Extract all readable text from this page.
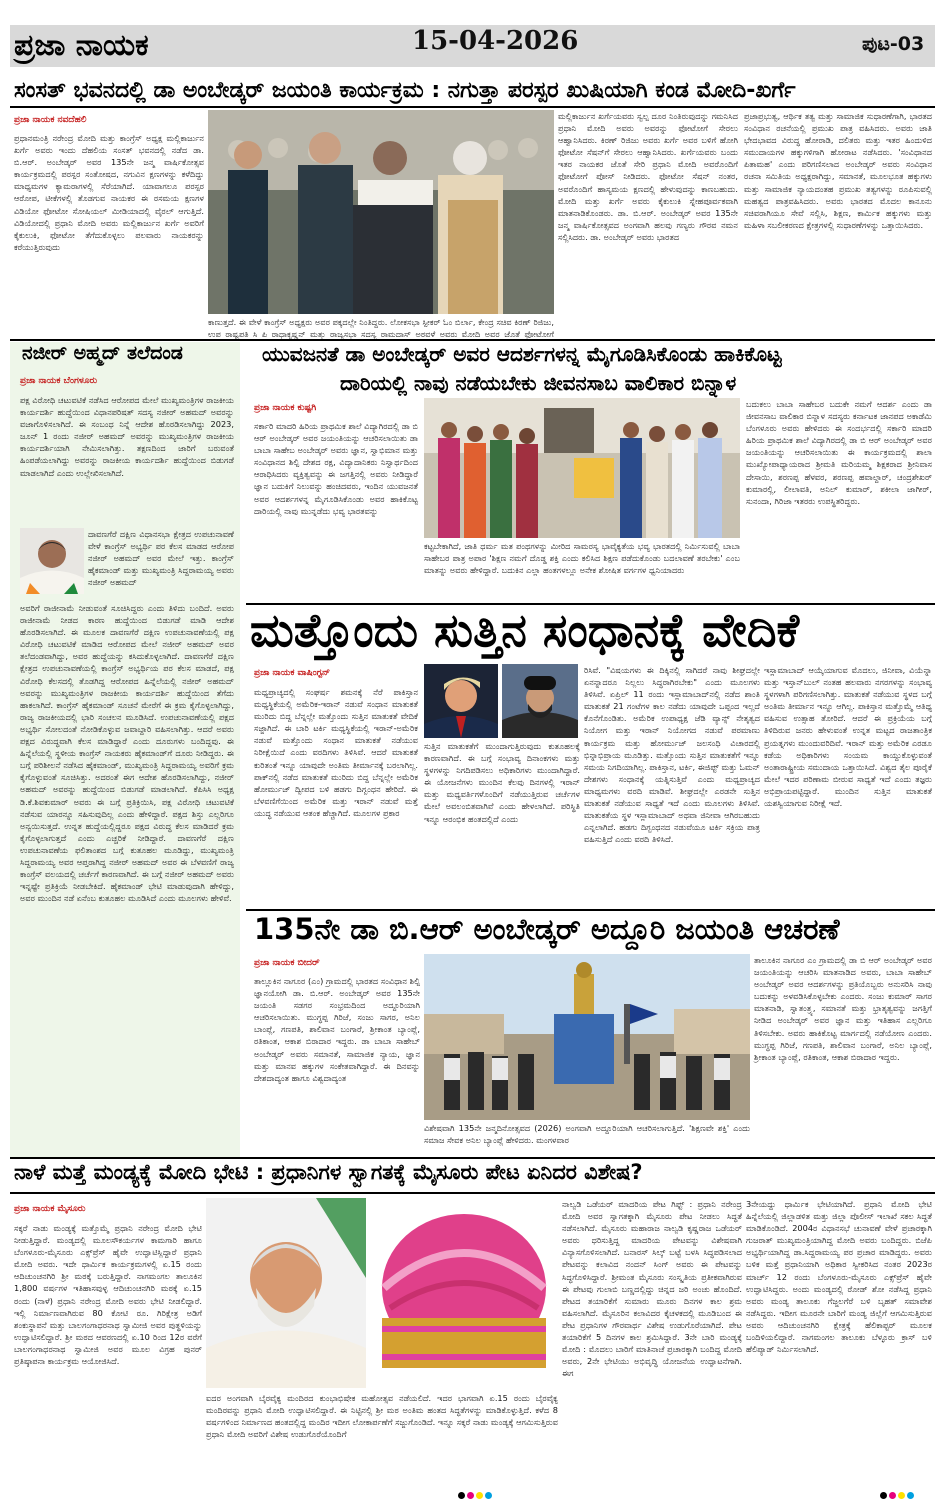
ಪ್ರಜಾ ನಾಯಕ	15-04-2026	ಪುಟ-03
ಸಂಸತ್ ಭವನದಲ್ಲಿ ಡಾ ಅಂಬೇಡ್ಕರ್ ಜಯಂತಿ ಕಾರ್ಯಕ್ರಮ : ನಗುತ್ತಾ ಪರಸ್ಪರ ಖುಷಿಯಾಗಿ ಕಂಡ ಮೋದಿ-ಖರ್ಗೆ
ಪ್ರಜಾ ನಾಯಕ ನವದೆಹಲಿ
ಪ್ರಧಾನಮಂತ್ರಿ ನರೇಂದ್ರ ಮೋದಿ ಮತ್ತು ಕಾಂಗ್ರೆಸ್ ಅಧ್ಯಕ್ಷ ಮಲ್ಲಿಕಾರ್ಜುನ ಖರ್ಗೆ ಅವರು ಇಂದು ದೆಹಲಿಯ ಸಂಸತ್ ಭವನದಲ್ಲಿ ನಡೆದ ಡಾ. ಬಿ.ಆರ್. ಅಂಬೇಡ್ಕರ್ ಅವರ 135ನೇ ಜನ್ಮ ವಾರ್ಷಿಕೋತ್ಸವ ಕಾರ್ಯಕ್ರಮದಲ್ಲಿ ಪರಸ್ಪರ ಸಂತೋಷದ, ನಗುವಿನ ಕ್ಷಣಗಳನ್ನು ಕಳೆದಿದ್ದು ಮಾಧ್ಯಮಗಳ ಕ್ಯಾಮರಾಗಳಲ್ಲಿ ಸೆರೆಯಾಗಿದೆ. ಯಾವಾಗಲೂ ಪರಸ್ಪರ ಆರೋಪ, ಟೀಕೆಗಳಲ್ಲಿ ತೊಡಗುವ ನಾಯಕರ ಈ ರಸಮಯ ಕ್ಷಣಗಳ ವಿಡಿಯೋ ಫೋಟೋ ಸೋಷಿಯಲ್ ಮೀಡಿಯಾದಲ್ಲಿ ವೈರಲ್ ಆಗುತ್ತಿದೆ. ವಿಡಿಯೋದಲ್ಲಿ ಪ್ರಧಾನಿ ಮೋದಿ ಅವರು ಮಲ್ಲಿಕಾರ್ಜುನ ಖರ್ಗೆ ಅವರಿಗೆ ಕೈಕುಲುಕಿ, ಫೋಟೋ ತೆಗೆದುಕೊಳ್ಳಲು ಪಲವಾರು ನಾಯಕರನ್ನು ಕರೆಯುತ್ತಿರುವುದು
ಕಾಣುತ್ತದೆ. ಈ ವೇಳೆ ಕಾಂಗ್ರೆಸ್ ಅಧ್ಯಕ್ಷರು ಅವರ ಪಕ್ಕದಲ್ಲೇ ನಿಂತಿದ್ದರು. ಲೋಕಸಭಾ ಸ್ಪೀಕರ್ ಓಂ ಬಿರ್ಲಾ, ಕೇಂದ್ರ ಸಚಿವ ಕಿರಣ್ ರಿಜಿಜು, ಉಪ ರಾಷ್ಟ್ರಪತಿ ಸಿ ಪಿ ರಾಧಾಕೃಷ್ಣನ್ ಮತ್ತು ರಾಜ್ಯಸಭಾ ಸದಸ್ಯ ರಾಮದಾಸ್ ಅಠವಳೆ ಅವರು ಮೋದಿ ಅವರ ಜೊತೆ ಫೋಟೋಗೆ
ಮಲ್ಲಿಕಾರ್ಜುನ ಖರ್ಗೆಯವರು ಸ್ವಲ್ಪ ದೂರ ನಿಂತಿರುವುದನ್ನು ಗಮನಿಸಿದ ಪ್ರಧಾನಿ ಮೋದಿ ಅವರು ಅವರನ್ನು ಫೋಟೋಗೆ ಸೇರಲು ಆಹ್ವಾನಿಸಿದರು. ಕಿರಣ್ ರಿಜಿಜು ಅವರು ಖರ್ಗೆ ಅವರ ಬಳಿಗೆ ಹೋಗಿ ಫೋಟೋ ಸೆಷನ್‌ಗೆ ಸೇರಲು ಆಹ್ವಾನಿಸಿದರು. ಖರ್ಗೆಯವರು ಬಂದು ಇತರ ನಾಯಕರ ಜೊತೆ ಸೇರಿ ಪ್ರಧಾನಿ ಮೋದಿ ಅವರೊಂದಿಗೆ ಫೋಟೋಗೆ ಪೋಸ್ ನೀಡಿದರು. ಫೋಟೋ ಸೆಷನ್ ನಂತರ, ಅವರೊಂದಿಗೆ ಹಾಸ್ಯಮಯ ಕ್ಷಣದಲ್ಲಿ ಹೇಳುವುದನ್ನು ಕಾಣಬಹುದು. ಮೋದಿ ಮತ್ತು ಖರ್ಗೆ ಅವರು ಕೈಕುಲುಕಿ ಸ್ನೇಹಪೂರ್ವಕವಾಗಿ ಮಾತನಾಡಿಕೊಂಡರು. ಡಾ. ಬಿ.ಆರ್. ಅಂಬೇಡ್ಕರ್ ಅವರ 135ನೇ ಜನ್ಮ ವಾರ್ಷಿಕೋತ್ಸವದ ಅಂಗವಾಗಿ ಹಲವು ಗಣ್ಯರು ಗೌರವ ನಮನ ಸಲ್ಲಿಸಿದರು. ಡಾ. ಅಂಬೇಡ್ಕರ್ ಅವರು ಭಾರತದ
ಪ್ರಜಾಪ್ರಭುತ್ವ, ಆರ್ಥಿಕ ತತ್ವ ಮತ್ತು ಸಾಮಾಜಿಕ ಸುಧಾರಣೆಗಾಗಿ, ಭಾರತದ ಸಂವಿಧಾನ ರಚನೆಯಲ್ಲಿ ಪ್ರಮುಖ ಪಾತ್ರ ವಹಿಸಿದರು. ಅವರು ಜಾತಿ ಭೇದಭಾವದ ವಿರುದ್ಧ ಹೋರಾಡಿ, ದಲಿತರು ಮತ್ತು ಇತರ ಹಿಂದುಳಿದ ಸಮುದಾಯಗಳ ಹಕ್ಕುಗಳಿಗಾಗಿ ಹೋರಾಟ ನಡೆಸಿದರು. 'ಸಂವಿಧಾನದ ಪಿತಾಮಹ' ಎಂದು ಪರಿಗಣಿಸಲಾದ ಅಂಬೇಡ್ಕರ್ ಅವರು ಸಂವಿಧಾನ ರಚನಾ ಸಮಿತಿಯ ಅಧ್ಯಕ್ಷರಾಗಿದ್ದು, ಸಮಾನತೆ, ಮೂಲಭೂತ ಹಕ್ಕುಗಳು ಮತ್ತು ಸಾಮಾಜಿಕ ನ್ಯಾಯದಂತಹ ಪ್ರಮುಖ ತತ್ವಗಳನ್ನು ರೂಪಿಸುವಲ್ಲಿ ಮಹತ್ವದ ಪಾತ್ರವಹಿಸಿದರು. ಅವರು ಭಾರತದ ಮೊದಲ ಕಾನೂನು ಸಚಿವರಾಗಿಯೂ ಸೇವೆ ಸಲ್ಲಿಸಿ, ಶಿಕ್ಷಣ, ಕಾರ್ಮಿಕ ಹಕ್ಕುಗಳು ಮತ್ತು ಮಹಿಳಾ ಸಬಲೀಕರಣದ ಕ್ಷೇತ್ರಗಳಲ್ಲಿ ಸುಧಾರಣೆಗಳನ್ನು ಒತ್ತಾಯಿಸಿದರು.
ನಜೀರ್ ಅಹ್ಮದ್ ತಲೆದಂಡ
ಪ್ರಜಾ ನಾಯಕ ಬೆಂಗಳೂರು
ಪಕ್ಷ ವಿರೋಧಿ ಚಟುವಟಿಕೆ ನಡೆಸಿದ ಆರೋಪದ ಮೇಲೆ ಮುಖ್ಯಮಂತ್ರಿಗಳ ರಾಜಕೀಯ ಕಾರ್ಯದರ್ಶಿ ಹುದ್ದೆಯಿಂದ ವಿಧಾನಪರಿಷತ್ ಸದಸ್ಯ ನಜೀರ್ ಅಹಮದ್ ಅವರನ್ನು ವಜಾಗೊಳಿಸಲಾಗಿದೆ. ಈ ಸಂಬಂಧ ನಿನ್ನೆ ಆದೇಶ ಹೊರಡಿಸಲಾಗಿದ್ದು 2023, ಜೂನ್ 1 ರಂದು ನಜೀರ್ ಅಹಮದ್ ಅವರನ್ನು ಮುಖ್ಯಮಂತ್ರಿಗಳ ರಾಜಕೀಯ ಕಾರ್ಯದರ್ಶಿಯಾಗಿ ನೇಮಿಸಲಾಗಿತ್ತು. ತಕ್ಷಣದಿಂದ ಜಾರಿಗೆ ಬರುವಂತೆ ಹಿಂಪಡೆಯಲಾಗಿದ್ದು ಅವರನ್ನು ರಾಜಕೀಯ ಕಾರ್ಯದರ್ಶಿ ಹುದ್ದೆಯಿಂದ ಬಿಡುಗಡೆ ಮಾಡಲಾಗಿದೆ ಎಂದು ಉಲ್ಲೇಖಿಸಲಾಗಿದೆ.
ದಾವಣಗೆರೆ ದಕ್ಷಿಣ ವಿಧಾನಸಭಾ ಕ್ಷೇತ್ರದ ಉಪಚುನಾವಣೆ ವೇಳೆ ಕಾಂಗ್ರೆಸ್ ಅಭ್ಯರ್ಥಿ ಪರ ಕೆಲಸ ಮಾಡದ ಆರೋಪ ನಜೀರ್ ಅಹಮದ್ ಅವರ ಮೇಲೆ ಇತ್ತು. ಕಾಂಗ್ರೆಸ್ ಹೈಕಮಾಂಡ್ ಮತ್ತು ಮುಖ್ಯಮಂತ್ರಿ ಸಿದ್ದರಾಮಯ್ಯ ಅವರು ನಜೀರ್ ಅಹಮದ್
ಅವರಿಗೆ ರಾಜೀನಾಮೆ ನೀಡುವಂತೆ ಸೂಚಿಸಿದ್ದರು ಎಂದು ತಿಳಿದು ಬಂದಿದೆ. ಅವರು ರಾಜೀನಾಮೆ ನೀಡದ ಕಾರಣ ಹುದ್ದೆಯಿಂದ ಬಿಡುಗಡೆ ಮಾಡಿ ಆದೇಶ ಹೊರಡಿಸಲಾಗಿದೆ. ಈ ಮೂಲಕ ದಾವಣಗೆರೆ ದಕ್ಷಿಣ ಉಪಚುನಾವಣೆಯಲ್ಲಿ ಪಕ್ಷ ವಿರೋಧಿ ಚಟುವಟಿಕೆ ಮಾಡಿದ ಆರೋಪದ ಮೇಲೆ ನಜೀರ್ ಅಹಮದ್ ಅವರ ತಲೆದಂಡವಾಗಿದ್ದು, ಅವರ ಹುದ್ದೆಯನ್ನು ಕಸಿದುಕೊಳ್ಳಲಾಗಿದೆ. ದಾವಣಗೆರೆ ದಕ್ಷಿಣ ಕ್ಷೇತ್ರದ ಉಪಚುನಾವಣೆಯಲ್ಲಿ ಕಾಂಗ್ರೆಸ್ ಅಭ್ಯರ್ಥಿಯ ಪರ ಕೆಲಸ ಮಾಡದೆ, ಪಕ್ಷ ವಿರೋಧಿ ಕೆಲಸದಲ್ಲಿ ತೊಡಗಿದ್ದ ಆರೋಪದ ಹಿನ್ನೆಲೆಯಲ್ಲಿ ನಜೀರ್ ಅಹಮದ್ ಅವರನ್ನು ಮುಖ್ಯಮಂತ್ರಿಗಳ ರಾಜಕೀಯ ಕಾರ್ಯದರ್ಶಿ ಹುದ್ದೆಯಿಂದ ತೆಗೆದು ಹಾಕಲಾಗಿದೆ. ಕಾಂಗ್ರೆಸ್ ಹೈಕಮಾಂಡ್ ಸೂಚನೆ ಮೇರೆಗೆ ಈ ಕ್ರಮ ಕೈಗೊಳ್ಳಲಾಗಿದ್ದು, ರಾಜ್ಯ ರಾಜಕೀಯದಲ್ಲಿ ಭಾರಿ ಸಂಚಲನ ಮೂಡಿಸಿದೆ. ಉಪಚುನಾವಣೆಯಲ್ಲಿ ಪಕ್ಷದ ಅಭ್ಯರ್ಥಿ ಸೋಲದಂತೆ ನೋಡಿಕೊಳ್ಳುವ ಜವಾಬ್ದಾರಿ ವಹಿಸಲಾಗಿತ್ತು. ಆದರೆ ಅವರು ಪಕ್ಷದ ವಿರುದ್ಧವಾಗಿ ಕೆಲಸ ಮಾಡಿದ್ದಾರೆ ಎಂದು ದೂರುಗಳು ಬಂದಿದ್ದವು. ಈ ಹಿನ್ನೆಲೆಯಲ್ಲಿ ಸ್ಥಳೀಯ ಕಾಂಗ್ರೆಸ್ ನಾಯಕರು ಹೈಕಮಾಂಡ್‌ಗೆ ದೂರು ನೀಡಿದ್ದರು. ಈ ಬಗ್ಗೆ ಪರಿಶೀಲನೆ ನಡೆಸಿದ ಹೈಕಮಾಂಡ್, ಮುಖ್ಯಮಂತ್ರಿ ಸಿದ್ದರಾಮಯ್ಯ ಅವರಿಗೆ ಕ್ರಮ ಕೈಗೊಳ್ಳುವಂತೆ ಸೂಚಿಸಿತ್ತು. ಅದರಂತೆ ಈಗ ಆದೇಶ ಹೊರಡಿಸಲಾಗಿದ್ದು, ನಜೀರ್ ಅಹಮದ್ ಅವರನ್ನು ಹುದ್ದೆಯಿಂದ ಬಿಡುಗಡೆ ಮಾಡಲಾಗಿದೆ. ಕೆಪಿಸಿಸಿ ಅಧ್ಯಕ್ಷ ಡಿ.ಕೆ.ಶಿವಕುಮಾರ್ ಅವರು ಈ ಬಗ್ಗೆ ಪ್ರತಿಕ್ರಿಯಿಸಿ, ಪಕ್ಷ ವಿರೋಧಿ ಚಟುವಟಿಕೆ ನಡೆಸುವ ಯಾರನ್ನೂ ಸಹಿಸುವುದಿಲ್ಲ ಎಂದು ಹೇಳಿದ್ದಾರೆ. ಪಕ್ಷದ ಶಿಸ್ತು ಎಲ್ಲರಿಗೂ ಅನ್ವಯಿಸುತ್ತದೆ. ಉನ್ನತ ಹುದ್ದೆಯಲ್ಲಿದ್ದರೂ ಪಕ್ಷದ ವಿರುದ್ಧ ಕೆಲಸ ಮಾಡಿದರೆ ಕ್ರಮ ಕೈಗೊಳ್ಳಲಾಗುತ್ತದೆ ಎಂದು ಎಚ್ಚರಿಕೆ ನೀಡಿದ್ದಾರೆ. ದಾವಣಗೆರೆ ದಕ್ಷಿಣ ಉಪಚುನಾವಣೆಯ ಫಲಿತಾಂಶದ ಬಗ್ಗೆ ಕುತೂಹಲ ಮೂಡಿದ್ದು, ಮುಖ್ಯಮಂತ್ರಿ ಸಿದ್ದರಾಮಯ್ಯ ಅವರ ಆಪ್ತರಾಗಿದ್ದ ನಜೀರ್ ಅಹಮದ್ ಅವರ ಈ ಬೆಳವಣಿಗೆ ರಾಜ್ಯ ಕಾಂಗ್ರೆಸ್ ವಲಯದಲ್ಲಿ ಚರ್ಚೆಗೆ ಕಾರಣವಾಗಿದೆ. ಈ ಬಗ್ಗೆ ನಜೀರ್ ಅಹಮದ್ ಅವರು ಇನ್ನಷ್ಟೇ ಪ್ರತಿಕ್ರಿಯೆ ನೀಡಬೇಕಿದೆ. ಹೈಕಮಾಂಡ್ ಭೇಟಿ ಮಾಡುವುದಾಗಿ ಹೇಳಿದ್ದು, ಅವರ ಮುಂದಿನ ನಡೆ ಏನೆಂಬ ಕುತೂಹಲ ಮೂಡಿಸಿದೆ ಎಂದು ಮೂಲಗಳು ಹೇಳಿವೆ.
ಯುವಜನತೆ ಡಾ ಅಂಬೇಡ್ಕರ್ ಅವರ ಆದರ್ಶಗಳನ್ನ ಮೈಗೂಡಿಸಿಕೊಂಡು ಹಾಕಿಕೊಟ್ಟ
ದಾರಿಯಲ್ಲಿ ನಾವು ನಡೆಯಬೇಕು ಜೀವನಸಾಬ ವಾಲಿಕಾರ ಬಿನ್ನಾಳ
ಪ್ರಜಾ ನಾಯಕ ಕುಷ್ಟಗಿ
ಸರ್ಕಾರಿ ಮಾದರಿ ಹಿರಿಯ ಪ್ರಾಥಮಿಕ ಶಾಲೆ ವಿದ್ಯಾಗಿರದಲ್ಲಿ ಡಾ ಬಿ ಆರ್ ಅಂಬೇಡ್ಕರ್ ಅವರ ಜಯಂತಿಯನ್ನು ಆಚರಿಸಲಾಯಿತು ಡಾ ಬಾಬಾ ಸಾಹೇಬ ಅಂಬೇಡ್ಕರ್ ಅವರು ಜ್ಞಾನ, ಸ್ವಾಭಿಮಾನ ಮತ್ತು ಸಂವಿಧಾನದ ಶಿಲ್ಪಿ ದೇಶದ ರಕ್ಷ, ವಿದ್ಯಾದಾನಿಕರು ನಿಸ್ವಾರ್ಥದಿಂದ ಆರಾಧಿಸಿದರು ವ್ಯಕ್ತಿತ್ವವನ್ನು ಈ ಜಗತ್ತಿನಲ್ಲಿ ಅವರು ನೀಡಿದ್ದಾರೆ ಜ್ಞಾನ ಬದುಕಿಗೆ ನಿಲುವನ್ನು ಹಂಚಿದವರು, ಇಂದಿನ ಯುವಜನತೆ ಅವರ ಆದರ್ಶಗಳನ್ನ ಮೈಗೂಡಿಸಿಕೊಂಡು ಅವರ ಹಾಕಿಕೊಟ್ಟ ದಾರಿಯಲ್ಲಿ ನಾವು ಮುನ್ನಡೆದು ಭವ್ಯ ಭಾರತವನ್ನು
ಕಟ್ಟಬೇಕಾಗಿದೆ, ಜಾತಿ ಧರ್ಮ ಮತ ಪಂಥಗಳನ್ನು ಮೀರಿದ ಸಾಮರಸ್ಯ ಭಾವೈಕ್ಯತೆಯ ಭವ್ಯ ಭಾರತದಲ್ಲಿ ನಿರ್ಮಿಸುವಲ್ಲಿ ಬಾಬಾ ಸಾಹೇಬರ ಪಾತ್ರ ಅಪಾರ 'ಶಿಕ್ಷಣ ನಮಗೆ ದೊಡ್ಡ ಶಕ್ತಿ ಎಂದು ಕಲಿಸಿದ ಶಿಕ್ಷಣ ಪಡೆದುಕೊಂಡು ಬದಲಾವಣೆ ತರಬೇಕು' ಎಂಬ ಮಾತನ್ನು ಅವರು ಹೇಳಿದ್ದಾರೆ. ಬದುಕಿನ ಎಲ್ಲಾ ಹಂತಗಳಲ್ಲೂ ಅನೇಕ ಶೋಷಿತ ವರ್ಗಗಳ ಧ್ವನಿಯಾದರು
ಬದುಕಲು ಬಾಬಾ ಸಾಹೇಬರ ಬದುಕೇ ನಮಗೆ ಆದರ್ಶ ಎಂದು ಡಾ ಜೀವನಸಾಬ ವಾಲಿಕಾರ ಬಿನ್ನಾಳ ಸದಸ್ಯರು ಕರ್ನಾಟಕ ಜಾನಪದ ಅಕಾಡೆಮಿ ಬೆಂಗಳೂರು ಅವರು ಹೇಳಿದರು ಈ ಸಂದರ್ಭದಲ್ಲಿ ಸರ್ಕಾರಿ ಮಾದರಿ ಹಿರಿಯ ಪ್ರಾಥಮಿಕ ಶಾಲೆ ವಿದ್ಯಾಗಿರದಲ್ಲಿ ಡಾ ಬಿ ಆರ್ ಅಂಬೇಡ್ಕರ್ ಅವರ ಜಯಂತಿಯನ್ನು ಆಚರಿಸಲಾಯಿತು ಈ ಕಾರ್ಯಕ್ರಮದಲ್ಲಿ ಶಾಲಾ ಮುಖ್ಯೋಪಾಧ್ಯಾಯರಾದ ಶ್ರೀಮತಿ ಮರಿಯಮ್ಮ ಶಿಕ್ಷಕರಾದ ಶ್ರೀನಿವಾಸ ದೇಸಾಯಿ, ಶರಣಪ್ಪ ಹೆಳವರ, ಶರಣಪ್ಪ ಹವಾಲ್ದಾರ್, ಚಂದ್ರಶೇಖರ್ ಕುಮಾರಲ್ಲಿ, ಲೀಲಾವತಿ, ಅನಿಲ್ ಕುಮಾರ್, ಶಕೀಲಾ ಜಾಗೀರ್, ಸುನಂದಾ, ಗಿರಿಜಾ ಇತರರು ಉಪಸ್ಥಿತರಿದ್ದರು.
ಮತ್ತೊಂದು ಸುತ್ತಿನ ಸಂಧಾನಕ್ಕೆ ವೇದಿಕೆ
ಪ್ರಜಾ ನಾಯಕ ವಾಷಿಂಗ್ಟನ್
ಮಧ್ಯಪ್ರಾಚ್ಯದಲ್ಲಿ ಸಂಘರ್ಷ ಶಮನಕ್ಕೆ ನೆರೆ ಪಾಕಿಸ್ತಾನ ಮಧ್ಯಸ್ಥಿಕೆಯಲ್ಲಿ ಅಮೆರಿಕ-ಇರಾನ್ ನಡುವೆ ಸಂಧಾನ ಮಾತುಕತೆ ಮುರಿದು ಬಿದ್ದ ಬೆನ್ನಲ್ಲೇ ಮತ್ತೊಂದು ಸುತ್ತಿನ ಮಾತುಕತೆ ವೇದಿಕೆ ಸಜ್ಜಾಗಿದೆ. ಈ ಬಾರಿ ಟರ್ಕಿ ಮಧ್ಯಸ್ಥಿಕೆಯಲ್ಲಿ ಇರಾನ್-ಅಮೆರಿಕ ನಡುವೆ ಮತ್ತೊಂದು ಸಂಧಾನ ಮಾತುಕತೆ ನಡೆಯುವ ನಿರೀಕ್ಷೆಯಿದೆ ಎಂದು ವರದಿಗಳು ತಿಳಿಸಿವೆ. ಆದರೆ ಮಾತುಕತೆ ಕುರಿತಂತೆ ಇನ್ನೂ ಯಾವುದೇ ಅಂತಿಮ ತೀರ್ಮಾನಕ್ಕೆ ಬರಲಾಗಿಲ್ಲ. ಪಾಕ್‌ನಲ್ಲಿ ನಡೆದ ಮಾತುಕತೆ ಮುರಿದು ಬಿದ್ದ ಬೆನ್ನಲ್ಲೇ ಅಮೆರಿಕ ಹೋರ್ಮುಜ್ ದ್ವೀಪದ ಬಳಿ ಹಡಗು ದಿಗ್ಬಂಧನ ಹೇರಿದೆ. ಈ ಬೆಳವಣಿಗೆಯಿಂದ ಅಮೆರಿಕ ಮತ್ತು ಇರಾನ್ ನಡುವೆ ಮತ್ತೆ ಯುದ್ಧ ನಡೆಯುವ ಆತಂಕ ಹೆಚ್ಚಾಗಿದೆ. ಮೂಲಗಳ ಪ್ರಕಾರ
ಸುತ್ತಿನ ಮಾತುಕತೆಗೆ ಮುಂದಾಗುತ್ತಿರುವುದು ಕುತೂಹಲಕ್ಕೆ ಕಾರಣವಾಗಿದೆ. ಈ ಬಗ್ಗೆ ಸಂಭಾವ್ಯ ದಿನಾಂಕಗಳು ಮತ್ತು ಸ್ಥಳಗಳನ್ನು ನಿಗದಿಪಡಿಸಲು ಅಧಿಕಾರಿಗಳು ಮುಂದಾಗಿದ್ದಾರೆ. ಈ ಯೋಜನೆಗಳು ಮುಂದಿನ ಕೆಲವು ದಿನಗಳಲ್ಲಿ ಇರಾನ್ ಮತ್ತು ಮಧ್ಯವರ್ತಿಗಳೊಂದಿಗೆ ನಡೆಯುತ್ತಿರುವ ಚರ್ಚೆಗಳ ಮೇಲೆ ಅವಲಂಬಿತವಾಗಿವೆ ಎಂದು ಹೇಳಲಾಗಿದೆ. ಪರಿಸ್ಥಿತಿ ಇನ್ನೂ ಆರಂಭಿಕ ಹಂತದಲ್ಲಿದೆ ಎಂದು
ರಿಸಿವೆ. "ವಿಷಯಗಳು ಈ ದಿಕ್ಕಿನಲ್ಲಿ ಸಾಗಿದರೆ ನಾವು ಶೀಘ್ರದಲ್ಲೇ ಏನನ್ನಾದರೂ ನಿಲ್ಲಲು ಸಿದ್ಧರಾಗಿರಬೇಕು" ಎಂದು ಮೂಲಗಳು ತಿಳಿಸಿವೆ. ಏಪ್ರಿಲ್ 11 ರಂದು ಇಸ್ಲಾಮಾಬಾದ್‌ನಲ್ಲಿ ನಡೆದ ಶಾಂತಿ ಮಾತುಕತೆ 21 ಗಂಟೆಗಳ ಕಾಲ ನಡೆದು ಯಾವುದೇ ಒಪ್ಪಂದ ಇಲ್ಲದೆ ಕೊನೆಗೊಂಡಿತು. ಅಮೆರಿಕ ಉಪಾಧ್ಯಕ್ಷ ಜೆಡಿ ವ್ಯಾನ್ಸ್ ನೇತೃತ್ವದ ನಿಯೋಗ ಮತ್ತು ಇರಾನ್ ನಿಯೋಗದ ನಡುವೆ ಪರಮಾಣು ಕಾರ್ಯಕ್ರಮ ಮತ್ತು ಹೋರ್ಮುಜ್ ಜಲಸಂಧಿ ವಿಚಾರದಲ್ಲಿ ಭಿನ್ನಾಭಿಪ್ರಾಯ ಮೂಡಿತ್ತು. ಮತ್ತೊಂದು ಸುತ್ತಿನ ಮಾತುಕತೆಗೆ ಇನ್ನೂ ಸಮಯ ನಿಗದಿಯಾಗಿಲ್ಲ. ಪಾಕಿಸ್ತಾನ, ಟರ್ಕಿ, ಈಜಿಪ್ಟ್ ಮತ್ತು ಓಮನ್ ದೇಶಗಳು ಸಂಧಾನಕ್ಕೆ ಯತ್ನಿಸುತ್ತಿವೆ ಎಂದು ಮಧ್ಯಪ್ರಾಚ್ಯದ ಮಾಧ್ಯಮಗಳು ವರದಿ ಮಾಡಿವೆ. ಶೀಘ್ರದಲ್ಲೇ ಎರಡನೇ ಸುತ್ತಿನ ಮಾತುಕತೆ ನಡೆಯುವ ಸಾಧ್ಯತೆ ಇದೆ ಎಂದು ಮೂಲಗಳು ತಿಳಿಸಿವೆ. ಮಾತುಕತೆಯ ಸ್ಥಳ ಇಸ್ಲಾಮಾಬಾದ್ ಅಥವಾ ಜಿನೀವಾ ಆಗಿರಬಹುದು ಎನ್ನಲಾಗಿದೆ. ಹಡಗು ದಿಗ್ಬಂಧನದ ನಡುವೆಯೂ ಟರ್ಕಿ ಸಕ್ರಿಯ ಪಾತ್ರ ವಹಿಸುತ್ತಿದೆ ಎಂದು ವರದಿ ತಿಳಿಸಿದೆ.
ಇಸ್ಲಾಮಾಬಾದ್ ಆಯ್ಕೆಯಾಗುವ ಮೊದಲು, ಜಿನೀವಾ, ವಿಯೆನ್ನಾ ಮತ್ತು ಇಸ್ತಾನ್‌ಬುಲ್ ನಂತಹ ಹಲವಾರು ನಗರಗಳನ್ನು ಸಂಭಾವ್ಯ ಸ್ಥಳಗಳಾಗಿ ಪರಿಗಣಿಸಲಾಗಿತ್ತು. ಮಾತುಕತೆ ನಡೆಯುವ ಸ್ಥಳದ ಬಗ್ಗೆ ಅಂತಿಮ ತೀರ್ಮಾನ ಇನ್ನೂ ಆಗಿಲ್ಲ. ಪಾಕಿಸ್ತಾನ ಮತ್ತೊಮ್ಮೆ ಆತಿಥ್ಯ ವಹಿಸುವ ಉತ್ಸಾಹ ತೋರಿದೆ. ಆದರೆ ಈ ಪ್ರಕ್ರಿಯೆಯ ಬಗ್ಗೆ ತಿಳಿದಿರುವ ಜನರು ಹೇಳುವಂತೆ ಉನ್ನತ ಮಟ್ಟದ ರಾಜತಾಂತ್ರಿಕ ಪ್ರಯತ್ನಗಳು ಮುಂದುವರಿದಿವೆ. ಇರಾನ್ ಮತ್ತು ಅಮೆರಿಕ ಎರಡೂ ಕಡೆಯ ಅಧಿಕಾರಿಗಳು ಸಂಯಮ ಕಾಯ್ದುಕೊಳ್ಳುವಂತೆ ಅಂತಾರಾಷ್ಟ್ರೀಯ ಸಮುದಾಯ ಒತ್ತಾಯಿಸಿದೆ. ವಿಶ್ವದ ತೈಲ ಪೂರೈಕೆ ಮೇಲೆ ಇದರ ಪರಿಣಾಮ ಬೀರುವ ಸಾಧ್ಯತೆ ಇದೆ ಎಂದು ತಜ್ಞರು ಅಭಿಪ್ರಾಯಪಟ್ಟಿದ್ದಾರೆ. ಮುಂದಿನ ಸುತ್ತಿನ ಮಾತುಕತೆ ಯಶಸ್ವಿಯಾಗುವ ನಿರೀಕ್ಷೆ ಇದೆ.
135ನೇ ಡಾ ಬಿ.ಆರ್ ಅಂಬೇಡ್ಕರ್ ಅದ್ದೂರಿ ಜಯಂತಿ ಆಚರಣೆ
ಪ್ರಜಾ ನಾಯಕ ಬೀದರ್
ತಾಲ್ಲೂಕಿನ ನಾಗೂರ (ಎಂ) ಗ್ರಾಮದಲ್ಲಿ ಭಾರತದ ಸಂವಿಧಾನ ಶಿಲ್ಪಿ ಜ್ಞಾನಯೋಗಿ ಡಾ. ಬಿ.ಆರ್. ಅಂಬೇಡ್ಕರ್ ಅವರ 135ನೇ ಜಯಂತಿ ಸಡಗರ ಸಂಭ್ರಮದಿಂದ ಅದ್ದೂರಿಯಾಗಿ ಆಚರಿಸಲಾಯಿತು. ಮುಗ್ಧಪ್ಪ ಗಿರಿಜೆ, ಸಂಜು ಸಾಗರ, ಅನಿಲ ಬಾಂಪ್ಲೆ, ಗಣಪತಿ, ಶಾಲಿವಾನ ಬಂಗಾರೆ, ಶ್ರೀಕಾಂತ ಬ್ಯಾಂಪ್ಲೆ, ರತಿಕಾಂತ, ಆಕಾಶ ಬಿರಾದಾರ ಇದ್ದರು. ಡಾ ಬಾಬಾ ಸಾಹೇಬ್ ಅಂಬೇಡ್ಕರ್ ಅವರು ಸಮಾನತೆ, ಸಾಮಾಜಿಕ ನ್ಯಾಯ, ಜ್ಞಾನ ಮತ್ತು ಮಾನವ ಹಕ್ಕುಗಳ ಸಂಕೇತವಾಗಿದ್ದಾರೆ. ಈ ದಿನವನ್ನು ದೇಶದಾದ್ಯಂತ ಹಾಗೂ ವಿಶ್ವದಾದ್ಯಂತ
ವಿಶೇಷವಾಗಿ 135ನೇ ಜನ್ಮದಿನೋತ್ಸವದ (2026) ಅಂಗವಾಗಿ ಅದ್ದೂರಿಯಾಗಿ ಆಚರಿಸಲಾಗುತ್ತಿದೆ. 'ಶಿಕ್ಷಣವೇ ಶಕ್ತಿ' ಎಂದು ಸಮಾಜ ಸೇವಕ ಅನಿಲ ಬ್ಯಾಂಪ್ಲೆ ಹೇಳಿದರು. ಮಂಗಳವಾರ
ತಾಲೂಕಿನ ನಾಗೂರ ಎಂ ಗ್ರಾಮದಲ್ಲಿ ಡಾ ಬಿ ಆರ್ ಅಂಬೇಡ್ಕರ್ ಅವರ ಜಯಂತಿಯನ್ನು ಆಚರಿಸಿ ಮಾತನಾಡಿದ ಅವರು, ಬಾಬಾ ಸಾಹೇಬ್ ಅಂಬೇಡ್ಕರ್ ಅವರ ಆದರ್ಶಗಳನ್ನು ಪ್ರತಿಯೊಬ್ಬರು ಅನುಸರಿಸಿ ನಾವು ಬದುಕನ್ನು ಅಳವಡಿಸಿಕೊಳ್ಳಬೇಕು ಎಂದರು. ಸಂಜು ಕುಮಾರ್ ಸಾಗರ ಮಾತನಾಡಿ, ಸ್ವಾತಂತ್ರ್ಯ, ಸಮಾನತೆ ಮತ್ತು ಭ್ರಾತೃತ್ವವನ್ನು ಜಗತ್ತಿಗೆ ನೀಡಿದ ಅಂಬೇಡ್ಕರ್ ಅವರ ಜ್ಞಾನ ಮತ್ತು ಇತಿಹಾಸ ಎಲ್ಲರಿಗೂ ತಿಳಿಸಬೇಕು. ಅವರು ಹಾಕಿಕೊಟ್ಟ ಮಾರ್ಗದಲ್ಲಿ ನಡೆಯೋಣ ಎಂದರು. ಮುಗ್ಧಪ್ಪ ಗಿರಿಜೆ, ಗಣಪತಿ, ಶಾಲಿವಾನ ಬಂಗಾರೆ, ಅನಿಲ ಬ್ಯಾಂಪ್ಲೆ, ಶ್ರೀಕಾಂತ ಬ್ಯಾಂಪ್ಲೆ, ರತಿಕಾಂತ, ಆಕಾಶ ಬಿರಾದಾರ ಇದ್ದರು.
ನಾಳೆ ಮತ್ತೆ ಮಂಡ್ಯಕ್ಕೆ ಮೋದಿ ಭೇಟಿ : ಪ್ರಧಾನಿಗಳ ಸ್ವಾಗತಕ್ಕೆ ಮೈಸೂರು ಪೇಟ ಏನಿದರ ವಿಶೇಷ?
ಪ್ರಜಾ ನಾಯಕ ಮೈಸೂರು
ಸಕ್ಕರೆ ನಾಡು ಮಂಡ್ಯಕ್ಕೆ ಮತ್ತೊಮ್ಮೆ ಪ್ರಧಾನಿ ನರೇಂದ್ರ ಮೋದಿ ಭೇಟಿ ನೀಡುತ್ತಿದ್ದಾರೆ. ಮಂಡ್ಯದಲ್ಲಿ ಮೂಲಸೌಕರ್ಯಗಳ ಕಾಮಗಾರಿ ಹಾಗೂ ಬೆಂಗಳೂರು-ಮೈಸೂರು ಎಕ್ಸ್‌ಪ್ರೆಸ್ ಹೈವೇ ಉದ್ಘಾಟಿಸ್ಲಿದ್ದಾರೆ ಪ್ರಧಾನಿ ಮೋದಿ ಅವರು. ಇದೇ ಧಾರ್ಮಿಕ ಕಾರ್ಯಕ್ರಮಗಳಲ್ಲಿ ಏ.15 ರಂದು ಆದಿಚುಂಚನಗಿರಿ ಶ್ರೀ ಮಠಕ್ಕೆ ಬರುತ್ತಿದ್ದಾರೆ. ನಾಗಮಂಗಲ ತಾಲೂಕಿನ 1,800 ವರ್ಷಗಳ ಇತಿಹಾಸವುಳ್ಳ ಆದಿಚುಂಚನಗಿರಿ ಮಠಕ್ಕೆ ಏ.15 ರಂದು (ನಾಳೆ) ಪ್ರಧಾನಿ ನರೇಂದ್ರ ಮೋದಿ ಅವರು ಭೇಟಿ ನೀಡಲಿದ್ದಾರೆ. ಇಲ್ಲಿ ನಿರ್ಮಾಣವಾಗಿರುವ 80 ಕೋಟಿ ರೂ. ಗಿರಿಕ್ಷೇತ್ರ ಅಡಿಗೆ ಶಂಕುಸ್ಥಾಪನೆ ಮತ್ತು ಬಾಲಗಂಗಾಧರನಾಥ ಸ್ವಾಮೀಜಿ ಅವರ ಪುತ್ಥಳಿಯನ್ನು ಉದ್ಘಾಟಿಸಲಿದ್ದಾರೆ. ಶ್ರೀ ಮಠದ ಆವರಣದಲ್ಲಿ ಏ.10 ರಿಂದ 12ರ ವರೆಗೆ ಬಾಲಗಂಗಾಧರನಾಥ ಸ್ವಾಮೀಜಿ ಅವರ ಮೂಲ ವಿಗ್ರಹ ಪುನರ್ ಪ್ರತಿಷ್ಠಾಪನಾ ಕಾರ್ಯಕ್ರಮ ಆಯೋಜಿಸಿದೆ.
ಐದರ ಅಂಗವಾಗಿ ಬೈರವೈಕ್ಯ ಮಂದಿರದ ಕುಂಭಾಭಿಷೇಕ ಮಹೋತ್ಸವ ನಡೆಯಲಿದೆ. ಇದರ ಭಾಗವಾಗಿ ಏ.15 ರಂದು ಬೈರವೈಕ್ಯ ಮಂದಿರವನ್ನು ಪ್ರಧಾನಿ ಮೋದಿ ಉದ್ಘಾಟಿಸಲಿದ್ದಾರೆ. ಈ ನಿಟ್ಟಿನಲ್ಲಿ ಶ್ರೀ ಮಠ ಅಂತಿಮ ಹಂತದ ಸಿದ್ಧತೆಗಳನ್ನು ಮಾಡಿಕೊಳ್ಳುತ್ತಿದೆ. ಕಳೆದ 8 ವರ್ಷಗಳಿಂದ ನಿರ್ಮಾಣದ ಹಂತದಲ್ಲಿದ್ದ ಮಂದಿರ ಇದೀಗ ಲೋಕಾರ್ಪಣೆಗೆ ಸಜ್ಜುಗೊಂಡಿದೆ. ಇನ್ನೂ ಸಕ್ಕರೆ ನಾಡು ಮಂಡ್ಯಕ್ಕೆ ಆಗಮಿಸುತ್ತಿರುವ ಪ್ರಧಾನಿ ಮೋದಿ ಅವರಿಗೆ ವಿಶೇಷ ಉಡುಗೊರೆಯೊಂದಿಗೆ
ನಾಲ್ವಡಿ ಒಡೆಯರ್ ಮಾದರಿಯ ಪೇಟ ಗಿಫ್ಟ್ : ಪ್ರಧಾನಿ ನರೇಂದ್ರ ಮೋದಿ ಅವರ ಸ್ವಾಗತಕ್ಕಾಗಿ ಮೈಸೂರು ಪೇಟ ನೀಡಲು ಸಿದ್ಧತೆ ನಡೆಸಲಾಗಿದೆ. ಮೈಸೂರು ಮಹಾರಾಜ ನಾಲ್ವಡಿ ಕೃಷ್ಣರಾಜ ಒಡೆಯರ್ ಅವರು ಧರಿಸುತ್ತಿದ್ದ ಮಾದರಿಯ ಪೇಟವನ್ನು ವಿಶೇಷವಾಗಿ ವಿನ್ಯಾಸಗೊಳಿಸಲಾಗಿದೆ. ಬನಾರಸ್ ಸಿಲ್ಕ್ ಬಟ್ಟೆ ಬಳಸಿ ಸಿದ್ಧಪಡಿಸಲಾದ ಪೇಟವನ್ನು ಕಲಾವಿದ ನಂದನ್ ಸಿಂಗ್ ಅವರು ಈ ಪೇಟವನ್ನು ಸಿದ್ಧಗೊಳಿಸಿದ್ದಾರೆ. ಶ್ರೀಮಂತ ಮೈಸೂರು ಸಂಸ್ಕೃತಿಯ ಪ್ರತೀಕವಾಗಿರುವ ಈ ಪೇಟವು ಗುಲಾಬಿ ಬಣ್ಣದಲ್ಲಿದ್ದು ಚಿನ್ನದ ಜರಿ ಅಂಚು ಹೊಂದಿದೆ. ಪೇಟದ ತಯಾರಿಕೆಗೆ ಸುಮಾರು ಮೂರು ದಿನಗಳ ಕಾಲ ಶ್ರಮ ವಹಿಸಲಾಗಿದೆ. ಮೈಸೂರಿನ ಕಲಾವಿದರ ಕೈಚಳಕದಲ್ಲಿ ಮೂಡಿಬಂದ ಈ ಪೇಟ ಪ್ರಧಾನಿಗಳ ಗೌರವಾರ್ಥ ವಿಶೇಷ ಉಡುಗೊರೆಯಾಗಿದೆ. ಪೇಟ ತಯಾರಿಕೆಗೆ 5 ದಿನಗಳ ಕಾಲ ಶ್ರಮಿಸಿದ್ದಾರೆ. 3ನೇ ಬಾರಿ ಮಂಡ್ಯಕ್ಕೆ ಮೋದಿ : ಮೊದಲು ಬಾರಿಗೆ ಮಾತಿನಾಚೆ ಪ್ರಚಾರಕ್ಕಾಗಿ ಬಂದಿದ್ದ ಮೋದಿ ಅವರು, 2ನೇ ಭೇಟಿಯು ಅಭಿವೃದ್ಧಿ ಯೋಜನೆಯ ಉದ್ಘಾಟನೆಗಾಗಿ. ಈಗ
3ನೇಯದ್ದು ಧಾರ್ಮಿಕ ಭೇಟಿಯಾಗಿದೆ. ಪ್ರಧಾನಿ ಮೋದಿ ಭೇಟಿ ಹಿನ್ನೆಲೆಯಲ್ಲಿ ಜಿಲ್ಲಾಡಳಿತ ಮತ್ತು ಜಿಲ್ಲಾ ಪೊಲೀಸ್ ಇಲಾಖೆ ಸಕಲ ಸಿದ್ಧತೆ ಮಾಡಿಕೊಂಡಿದೆ. 2004ರ ವಿಧಾನಸಭೆ ಚುನಾವಣೆ ವೇಳೆ ಪ್ರಚಾರಕ್ಕಾಗಿ ಗುಜರಾತ್ ಮುಖ್ಯಮಂತ್ರಿಯಾಗಿದ್ದ ಮೋದಿ ಅವರು ಬಂದಿದ್ದರು. ಬಿಜೆಪಿ ಅಭ್ಯರ್ಥಿಯಾಗಿದ್ದ ಡಾ.ಸಿದ್ದರಾಮಯ್ಯ ಪರ ಪ್ರಚಾರ ಮಾಡಿದ್ದರು. ಅವರು ಬಳಿಕ ಮತ್ತೆ ಪ್ರಧಾನಿಯಾಗಿ ಅಧಿಕಾರ ಸ್ವೀಕರಿಸಿದ ನಂತರ 2023ರ ಮಾರ್ಚ್ 12 ರಂದು ಬೆಂಗಳೂರು-ಮೈಸೂರು ಎಕ್ಸ್‌ಪ್ರೆಸ್ ಹೈವೇ ಉದ್ಘಾಟಿಸಿದ್ದರು. ಅಂದು ಮಂಡ್ಯದಲ್ಲಿ ರೋಡ್ ಶೋ ನಡೆಸಿದ್ದ ಪ್ರಧಾನಿ ಅವರು ಮಂಡ್ಯ ತಾಲೂಕು ಗೆಜ್ಜಲಗೆರೆ ಬಳಿ ಬೃಹತ್ ಸಮಾವೇಶ ನಡೆಸಿದ್ದರು. ಇದೀಗ ಮೂರನೇ ಬಾರಿಗೆ ಮಂಡ್ಯ ಜಿಲ್ಲೆಗೆ ಆಗಮಿಸುತ್ತಿರುವ ಅವರು ಆದಿಚುಂಚನಗಿರಿ ಕ್ಷೇತ್ರಕ್ಕೆ ಹೆಲಿಕಾಪ್ಟರ್ ಮೂಲಕ ಬಂದಿಳಿಯಲಿದ್ದಾರೆ. ನಾಗಮಂಗಲ ತಾಲೂಕು ಬೆಳ್ಳೂರು ಕ್ರಾಸ್ ಬಳಿ ಹೆಲಿಪ್ಯಾಡ್ ನಿರ್ಮಿಸಲಾಗಿದೆ.
